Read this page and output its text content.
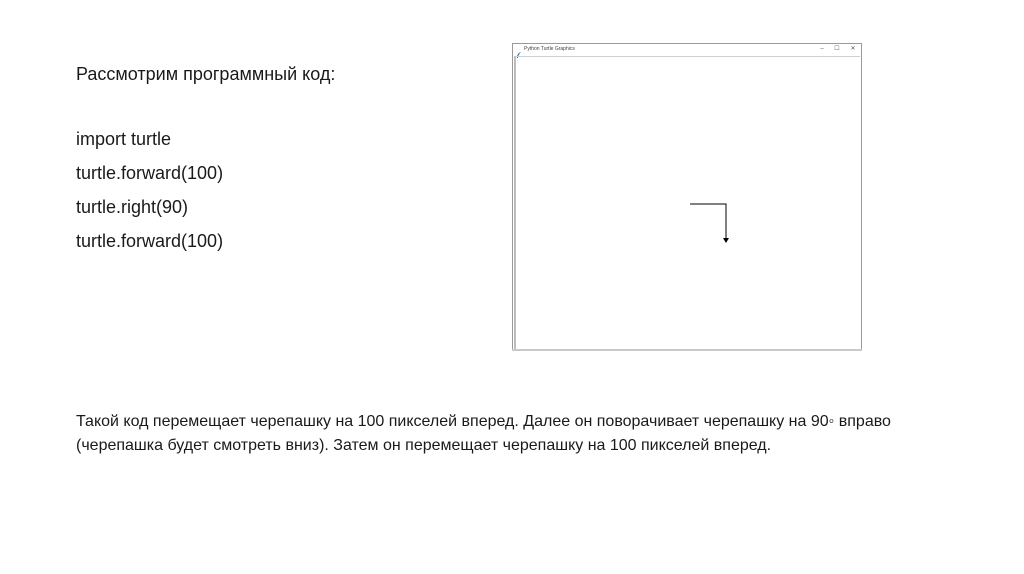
Рассмотрим программный код:
import turtle
turtle.forward(100)
turtle.right(90)
turtle.forward(100)
Python Turtle Graphics	–	☐	✕
Такой код перемещает черепашку на 100 пикселей вперед. Далее он поворачивает черепашку на 90◦ вправо (черепашка будет смотреть вниз). Затем он перемещает черепашку на 100 пикселей вперед.
